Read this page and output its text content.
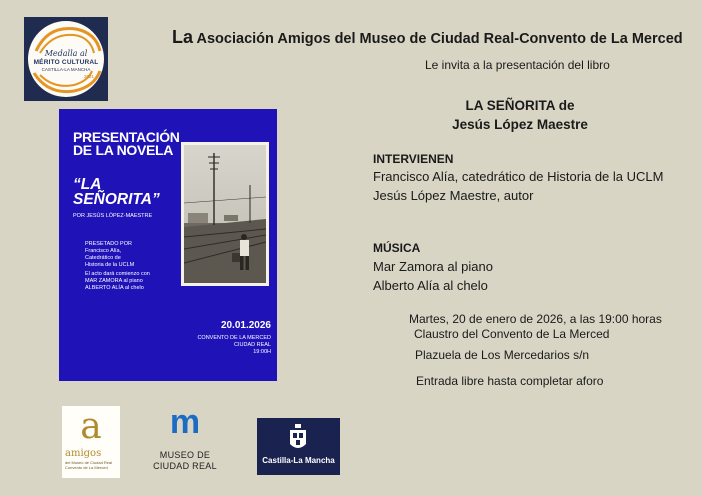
Medalla al
MÉRITO CULTURAL
CASTILLA-LA MANCHA
2021
La Asociación Amigos del Museo de Ciudad Real-Convento de La Merced
Le invita a la presentación del libro
LA SEÑORITA de
Jesús López Maestre
INTERVIENEN
Francisco Alía, catedrático de Historia de la UCLM
Jesús López Maestre, autor
MÚSICA
Mar Zamora al piano
Alberto Alía al chelo
Martes, 20 de enero de 2026, a las 19:00 horas
Claustro del Convento de La Merced
Plazuela de Los Mercedarios s/n
Entrada libre hasta completar aforo
PRESENTACIÓN
DE LA NOVELA
“LA
SEÑORITA”
POR JESÚS LÓPEZ-MAESTRE
PRESETADO POR
Francisco Alía,
Catedrático de
Historia de la UCLM
El acto dará comienzo con
MAR ZAMORA al piano
ALBERTO ALÍA al chelo
20.01.2026
CONVENTO DE LA MERCED
CIUDAD REAL
19:00H
a
amigos
del Museo de Ciudad Real Convento de La Merced
m
MUSEO DE
CIUDAD REAL
Castilla-La Mancha
